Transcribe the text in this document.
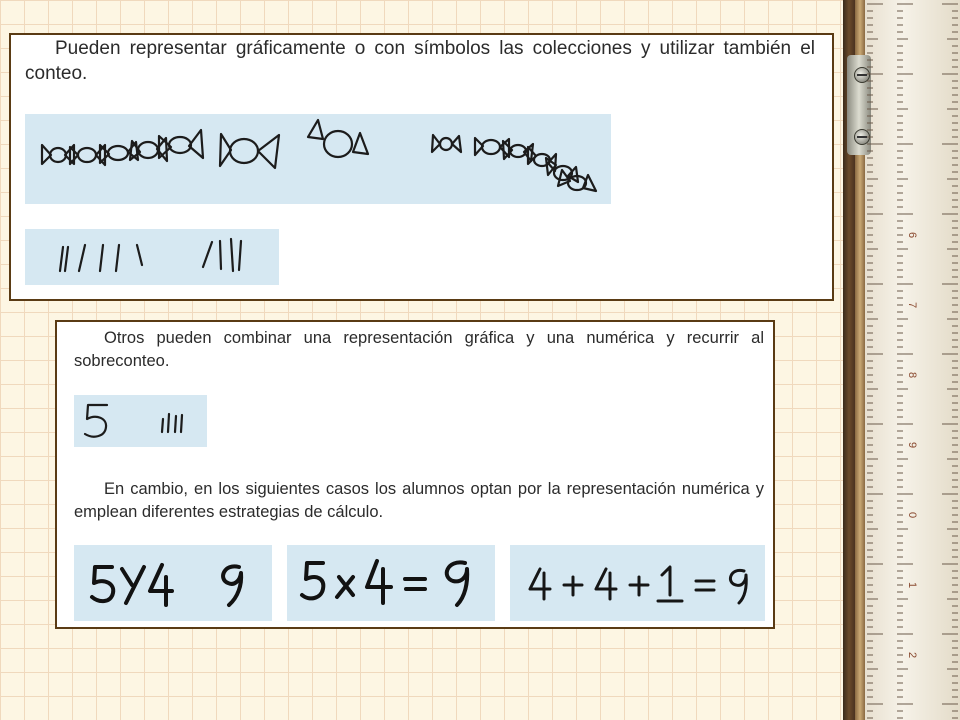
Pueden representar gráficamente o con símbolos las colecciones y utilizar también el conteo.

Otros pueden combinar una representación gráfica y una numérica y recurrir al sobreconteo.

En cambio, en los siguientes casos los alumnos optan por la representación numérica y emplean diferentes estrategias de cálculo.

6
7
8
9
0
1
2
